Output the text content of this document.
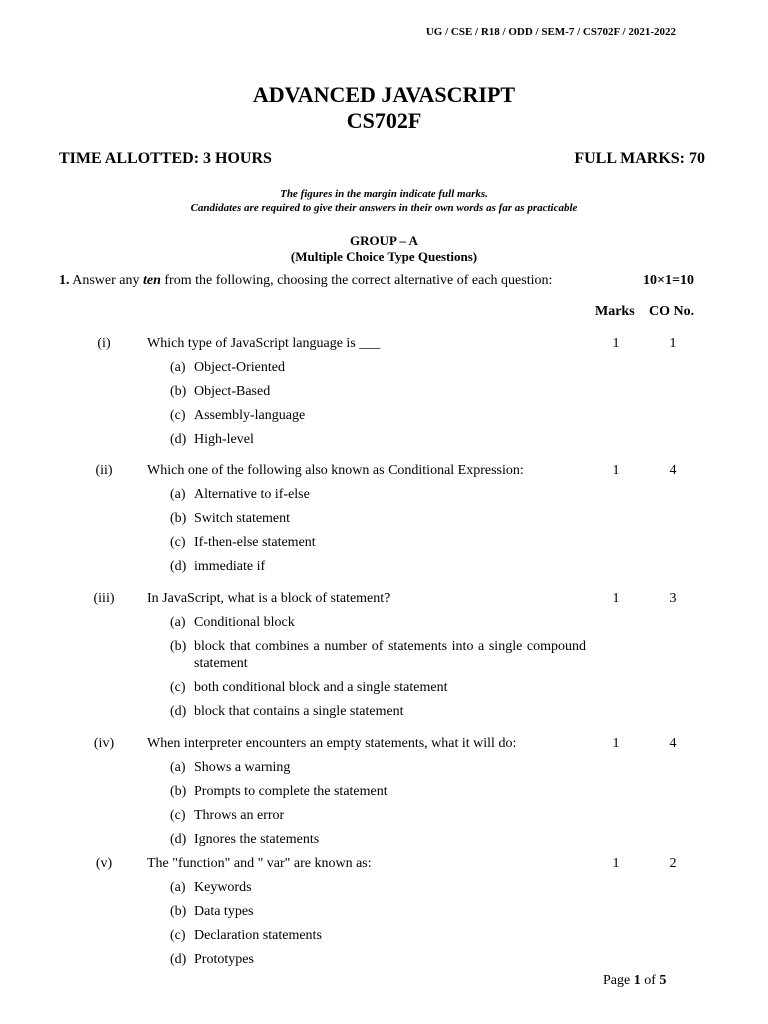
UG / CSE / R18 / ODD / SEM-7 / CS702F / 2021-2022
ADVANCED JAVASCRIPT
CS702F
TIME ALLOTTED: 3 HOURS	FULL MARKS: 70
The figures in the margin indicate full marks.
Candidates are required to give their answers in their own words as far as practicable
GROUP – A
(Multiple Choice Type Questions)
1. Answer any ten from the following, choosing the correct alternative of each question:	10×1=10
Marks CO No.
(i)	Which type of JavaScript language is ___	1	1

(a) Object-Oriented

(b) Object-Based

(c) Assembly-language

(d) High-level

(ii)	Which one of the following also known as Conditional Expression:	1	4

(a) Alternative to if-else

(b) Switch statement

(c) If-then-else statement

(d) immediate if

(iii)	In JavaScript, what is a block of statement?	1	3

(a) Conditional block

(b) block that combines a number of statements into a single compound statement

(c) both conditional block and a single statement

(d) block that contains a single statement

(iv)	When interpreter encounters an empty statements, what it will do:	1	4

(a) Shows a warning

(b) Prompts to complete the statement

(c) Throws an error

(d) Ignores the statements

(v)	The "function" and " var" are known as:	1	2

(a) Keywords

(b) Data types

(c) Declaration statements

(d) Prototypes

Page 1 of 5
